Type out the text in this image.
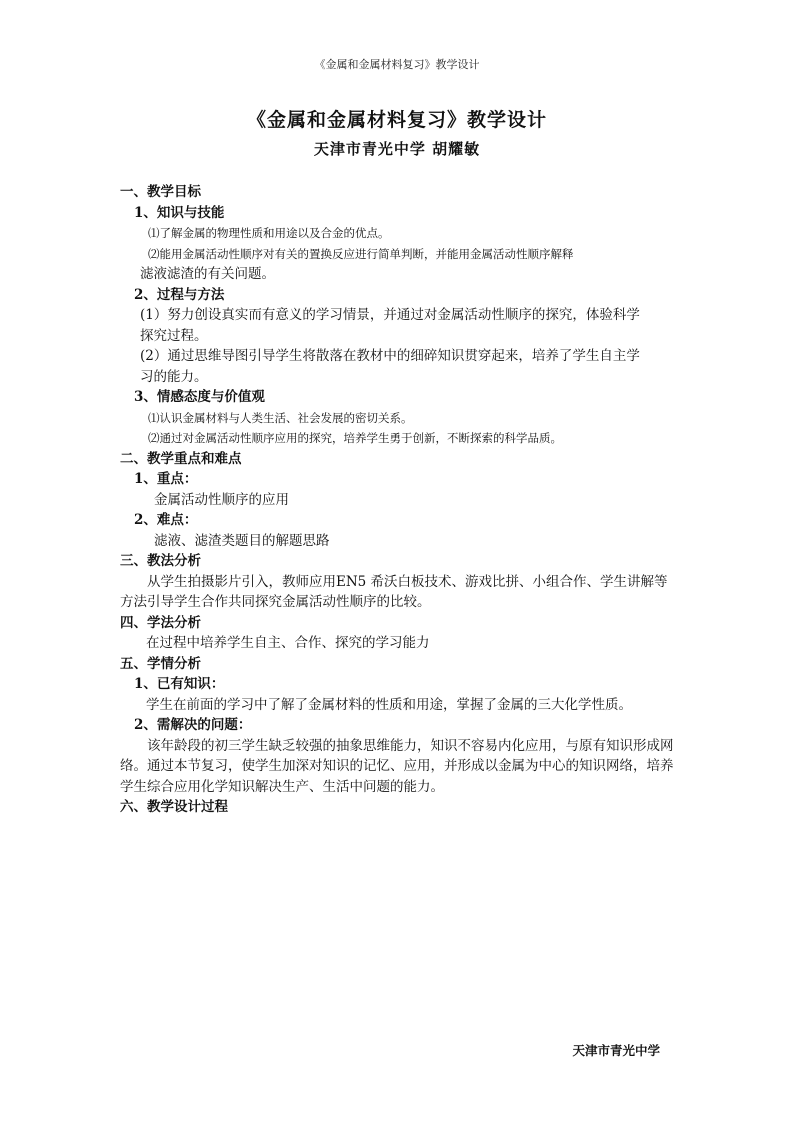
《金属和金属材料复习》教学设计
《金属和金属材料复习》教学设计
天津市青光中学 胡耀敏
一、教学目标
1、知识与技能
⑴了解金属的物理性质和用途以及合金的优点。
⑵能用金属活动性顺序对有关的置换反应进行简单判断，并能用金属活动性顺序解释
滤液滤渣的有关问题。
2、过程与方法
(1）努力创设真实而有意义的学习情景，并通过对金属活动性顺序的探究，体验科学
探究过程。
(2）通过思维导图引导学生将散落在教材中的细碎知识贯穿起来，培养了学生自主学
习的能力。
3、情感态度与价值观
⑴认识金属材料与人类生活、社会发展的密切关系。
⑵通过对金属活动性顺序应用的探究，培养学生勇于创新，不断探索的科学品质。
二、教学重点和难点
1、重点：
金属活动性顺序的应用
2、难点：
滤液、滤渣类题目的解题思路
三、教法分析
从学生拍摄影片引入，教师应用EN5 希沃白板技术、游戏比拼、小组合作、学生讲解等方法引导学生合作共同探究金属活动性顺序的比较。
四、学法分析
在过程中培养学生自主、合作、探究的学习能力
五、学情分析
1、已有知识：
学生在前面的学习中了解了金属材料的性质和用途，掌握了金属的三大化学性质。
2、需解决的问题：
该年龄段的初三学生缺乏较强的抽象思维能力，知识不容易内化应用，与原有知识形成网络。通过本节复习，使学生加深对知识的记忆、应用，并形成以金属为中心的知识网络，培养学生综合应用化学知识解决生产、生活中问题的能力。
六、教学设计过程
天津市青光中学
